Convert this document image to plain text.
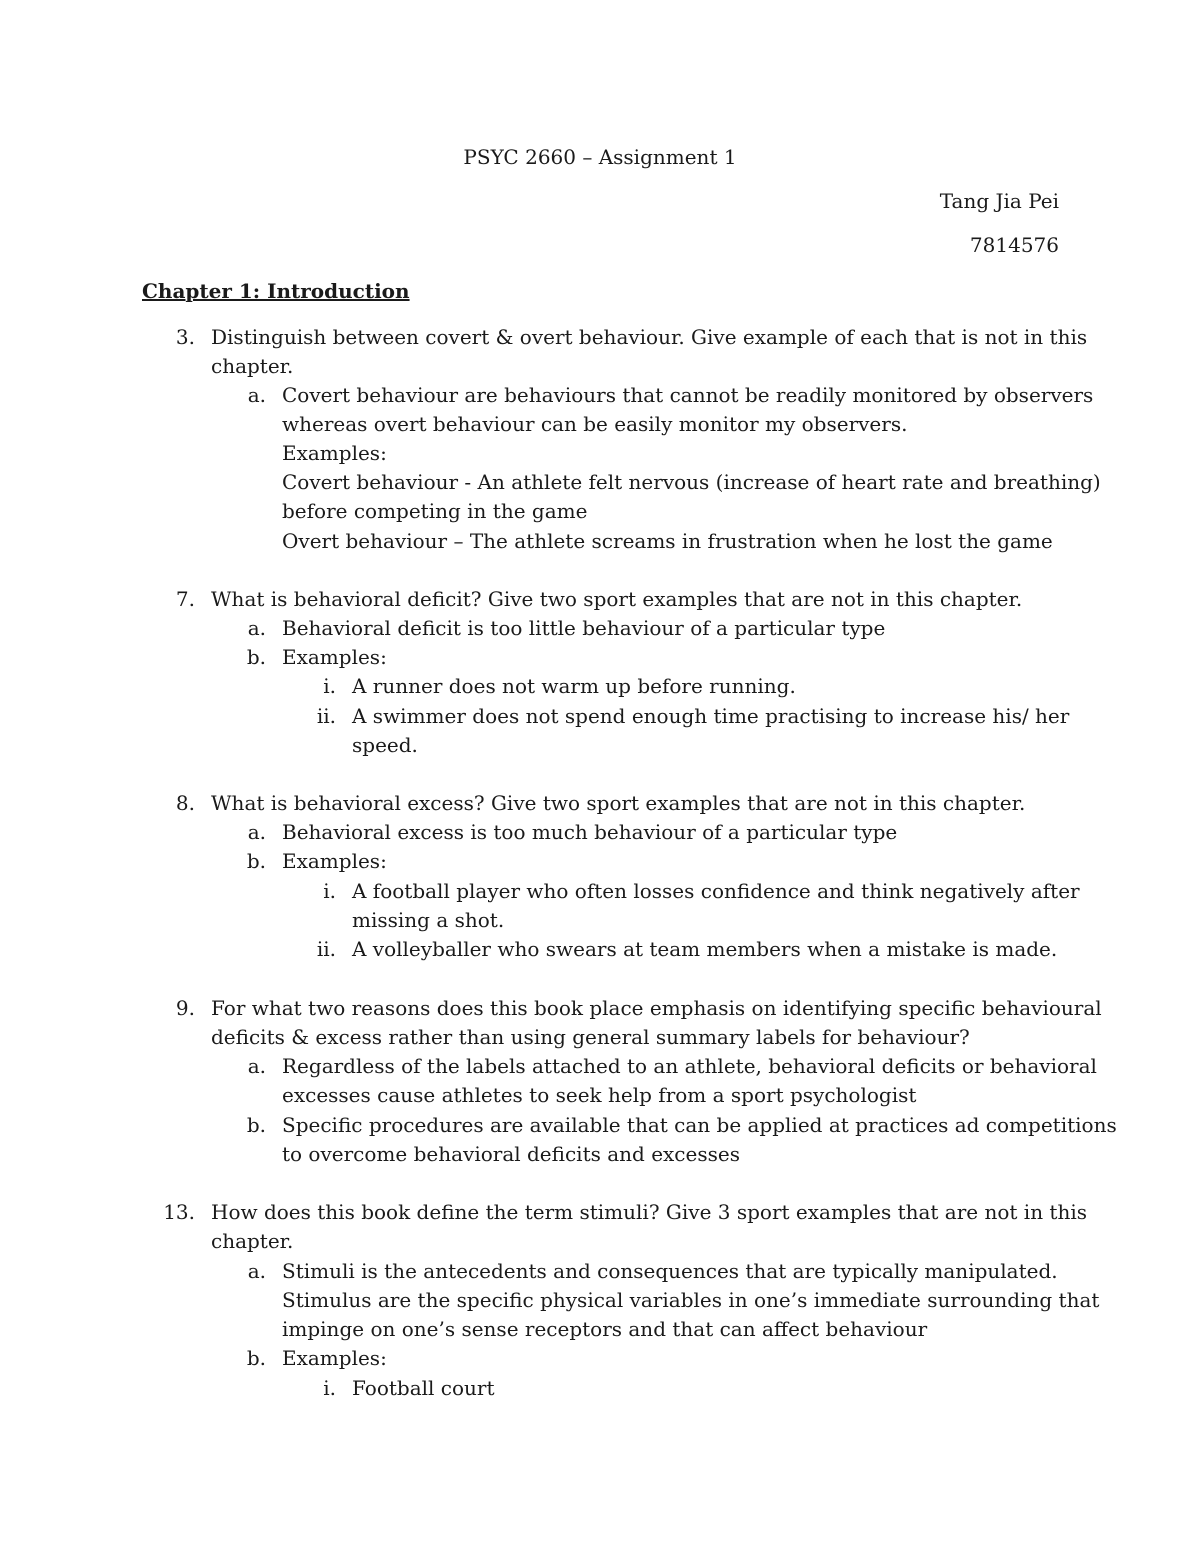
PSYC 2660 – Assignment 1
Tang Jia Pei
7814576
Chapter 1: Introduction
3. Distinguish between covert & overt behaviour. Give example of each that is not in this
chapter.
a. Covert behaviour are behaviours that cannot be readily monitored by observers
whereas overt behaviour can be easily monitor my observers.
Examples:
Covert behaviour - An athlete felt nervous (increase of heart rate and breathing)
before competing in the game
Overt behaviour – The athlete screams in frustration when he lost the game
7. What is behavioral deficit? Give two sport examples that are not in this chapter.
a. Behavioral deficit is too little behaviour of a particular type
b. Examples:
i. A runner does not warm up before running.
ii. A swimmer does not spend enough time practising to increase his/ her
speed.
8. What is behavioral excess? Give two sport examples that are not in this chapter.
a. Behavioral excess is too much behaviour of a particular type
b. Examples:
i. A football player who often losses confidence and think negatively after
missing a shot.
ii. A volleyballer who swears at team members when a mistake is made.
9. For what two reasons does this book place emphasis on identifying specific behavioural
deficits & excess rather than using general summary labels for behaviour?
a. Regardless of the labels attached to an athlete, behavioral deficits or behavioral
excesses cause athletes to seek help from a sport psychologist
b. Specific procedures are available that can be applied at practices ad competitions
to overcome behavioral deficits and excesses
13. How does this book define the term stimuli? Give 3 sport examples that are not in this
chapter.
a. Stimuli is the antecedents and consequences that are typically manipulated.
Stimulus are the specific physical variables in one’s immediate surrounding that
impinge on one’s sense receptors and that can affect behaviour
b. Examples:
i. Football court
